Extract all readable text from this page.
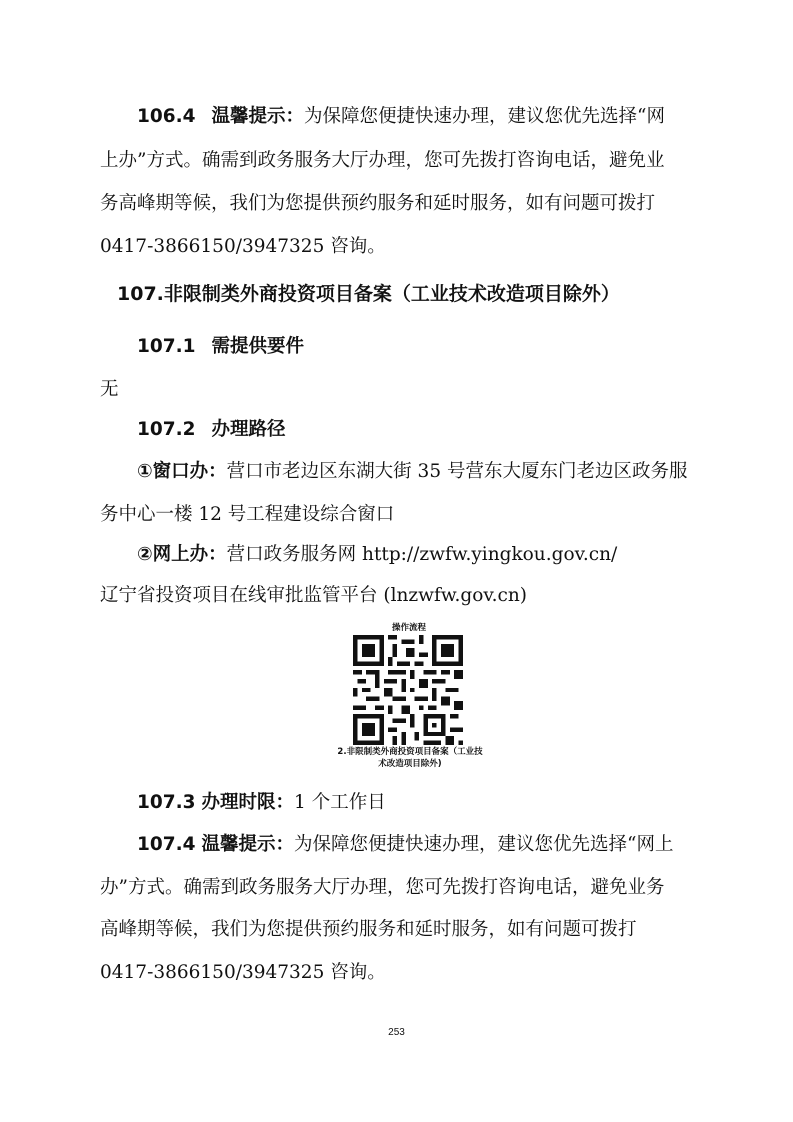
106.4 温馨提示：为保障您便捷快速办理，建议您优先选择“网
上办”方式。确需到政务服务大厅办理，您可先拨打咨询电话，避免业
务高峰期等候，我们为您提供预约服务和延时服务，如有问题可拨打
0417-3866150/3947325 咨询。
107.非限制类外商投资项目备案（工业技术改造项目除外）
107.1 需提供要件
无
107.2 办理路径
①窗口办：营口市老边区东湖大街 35 号营东大厦东门老边区政务服
务中心一楼 12 号工程建设综合窗口
②网上办：营口政务服务网 http://zwfw.yingkou.gov.cn/
辽宁省投资项目在线审批监管平台 (lnzwfw.gov.cn)
操作流程
2.非限制类外商投资项目备案（工业技
术改造项目除外)
107.3 办理时限：1 个工作日
107.4 温馨提示：为保障您便捷快速办理，建议您优先选择“网上
办”方式。确需到政务服务大厅办理，您可先拨打咨询电话，避免业务
高峰期等候，我们为您提供预约服务和延时服务，如有问题可拨打
0417-3866150/3947325 咨询。
253
